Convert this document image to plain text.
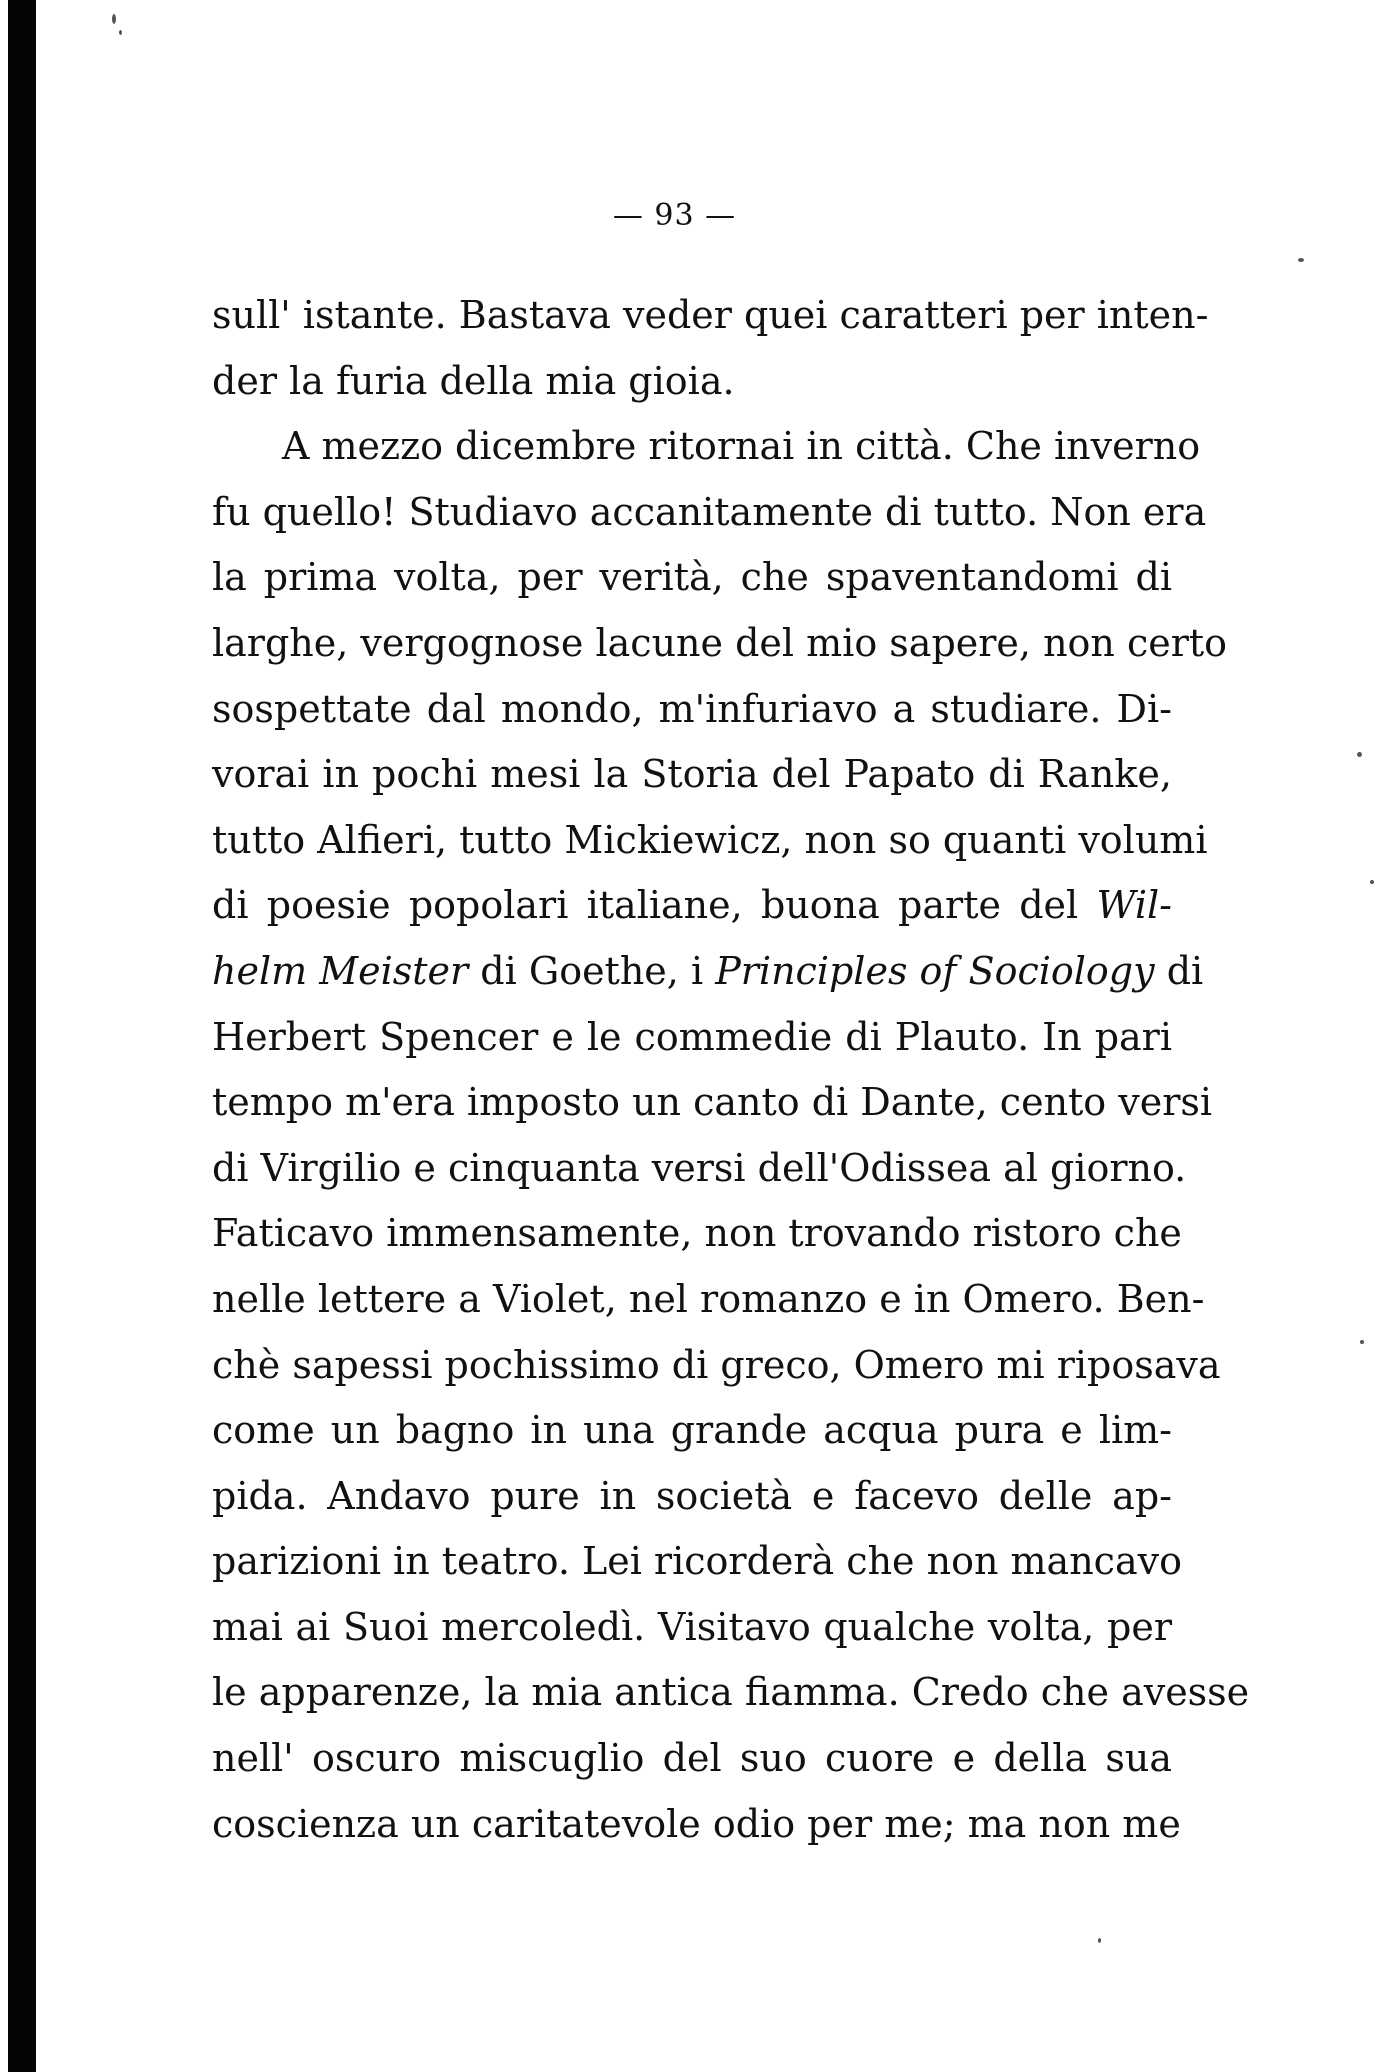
— 93 —
sull' istante. Bastava veder quei caratteri per inten-
der la furia della mia gioia.
A mezzo dicembre ritornai in città. Che inverno
fu quello! Studiavo accanitamente di tutto. Non era
la prima volta, per verità, che spaventandomi di
larghe, vergognose lacune del mio sapere, non certo
sospettate dal mondo, m'infuriavo a studiare. Di-
vorai in pochi mesi la Storia del Papato di Ranke,
tutto Alfieri, tutto Mickiewicz, non so quanti volumi
di poesie popolari italiane, buona parte del Wil-
helm Meister di Goethe, i Principles of Sociology di
Herbert Spencer e le commedie di Plauto. In pari
tempo m'era imposto un canto di Dante, cento versi
di Virgilio e cinquanta versi dell'Odissea al giorno.
Faticavo immensamente, non trovando ristoro che
nelle lettere a Violet, nel romanzo e in Omero. Ben-
chè sapessi pochissimo di greco, Omero mi riposava
come un bagno in una grande acqua pura e lim-
pida. Andavo pure in società e facevo delle ap-
parizioni in teatro. Lei ricorderà che non mancavo
mai ai Suoi mercoledì. Visitavo qualche volta, per
le apparenze, la mia antica fiamma. Credo che avesse
nell' oscuro miscuglio del suo cuore e della sua
coscienza un caritatevole odio per me; ma non me
